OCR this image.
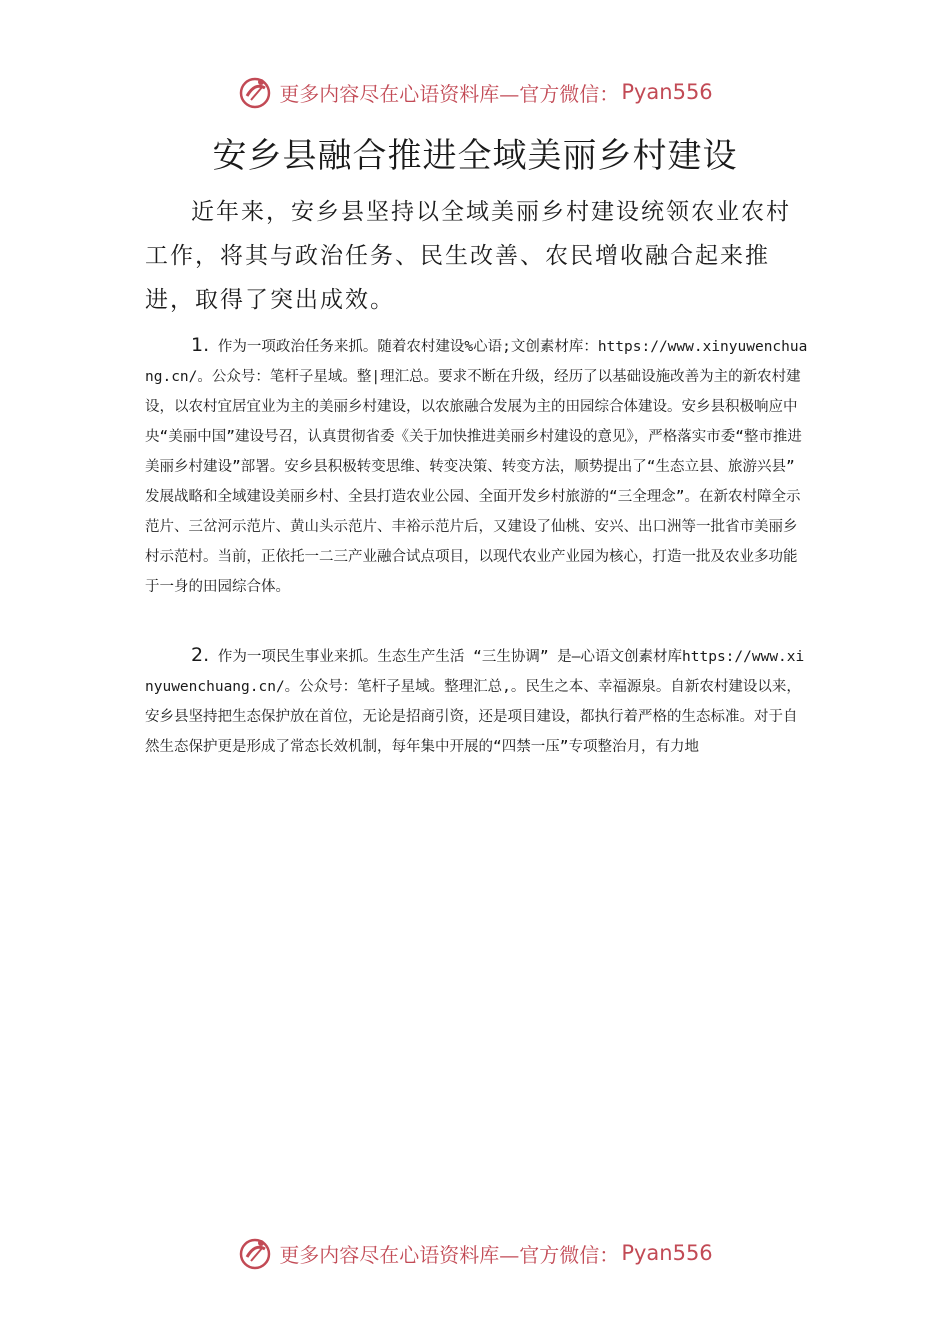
更多内容尽在心语资料库—官方微信： Pyan556
安乡县融合推进全域美丽乡村建设

近年来，安乡县坚持以全域美丽乡村建设统领农业农村工作，将其与政治任务、民生改善、农民增收融合起来推进，取得了突出成效。

1. 作为一项政治任务来抓。随着农村建设%心语;文创素材库：https://www.xinyuwenchuang.cn/。公众号：笔杆子星域。整|理汇总。要求不断在升级，经历了以基础设施改善为主的新农村建设，以农村宜居宜业为主的美丽乡村建设，以农旅融合发展为主的田园综合体建设。安乡县积极响应中央“美丽中国”建设号召，认真贯彻省委《关于加快推进美丽乡村建设的意见》，严格落实市委“整市推进美丽乡村建设”部署。安乡县积极转变思维、转变决策、转变方法，顺势提出了“生态立县、旅游兴县” 发展战略和全域建设美丽乡村、全县打造农业公园、全面开发乡村旅游的“三全理念”。在新农村障全示范片、三岔河示范片、黄山头示范片、丰裕示范片后，又建设了仙桃、安兴、出口洲等一批省市美丽乡村示范村。当前，正依托一二三产业融合试点项目，以现代农业产业园为核心，打造一批及农业多功能于一身的田园综合体。

2. 作为一项民生事业来抓。生态生产生活 “三生协调” 是—心语文创素材库https://www.xinyuwenchuang.cn/。公众号：笔杆子星域。整理汇总,。民生之本、幸福源泉。自新农村建设以来，安乡县坚持把生态保护放在首位，无论是招商引资，还是项目建设，都执行着严格的生态标准。对于自然生态保护更是形成了常态长效机制，每年集中开展的“四禁一压”专项整治月，有力地

更多内容尽在心语资料库—官方微信： Pyan556
